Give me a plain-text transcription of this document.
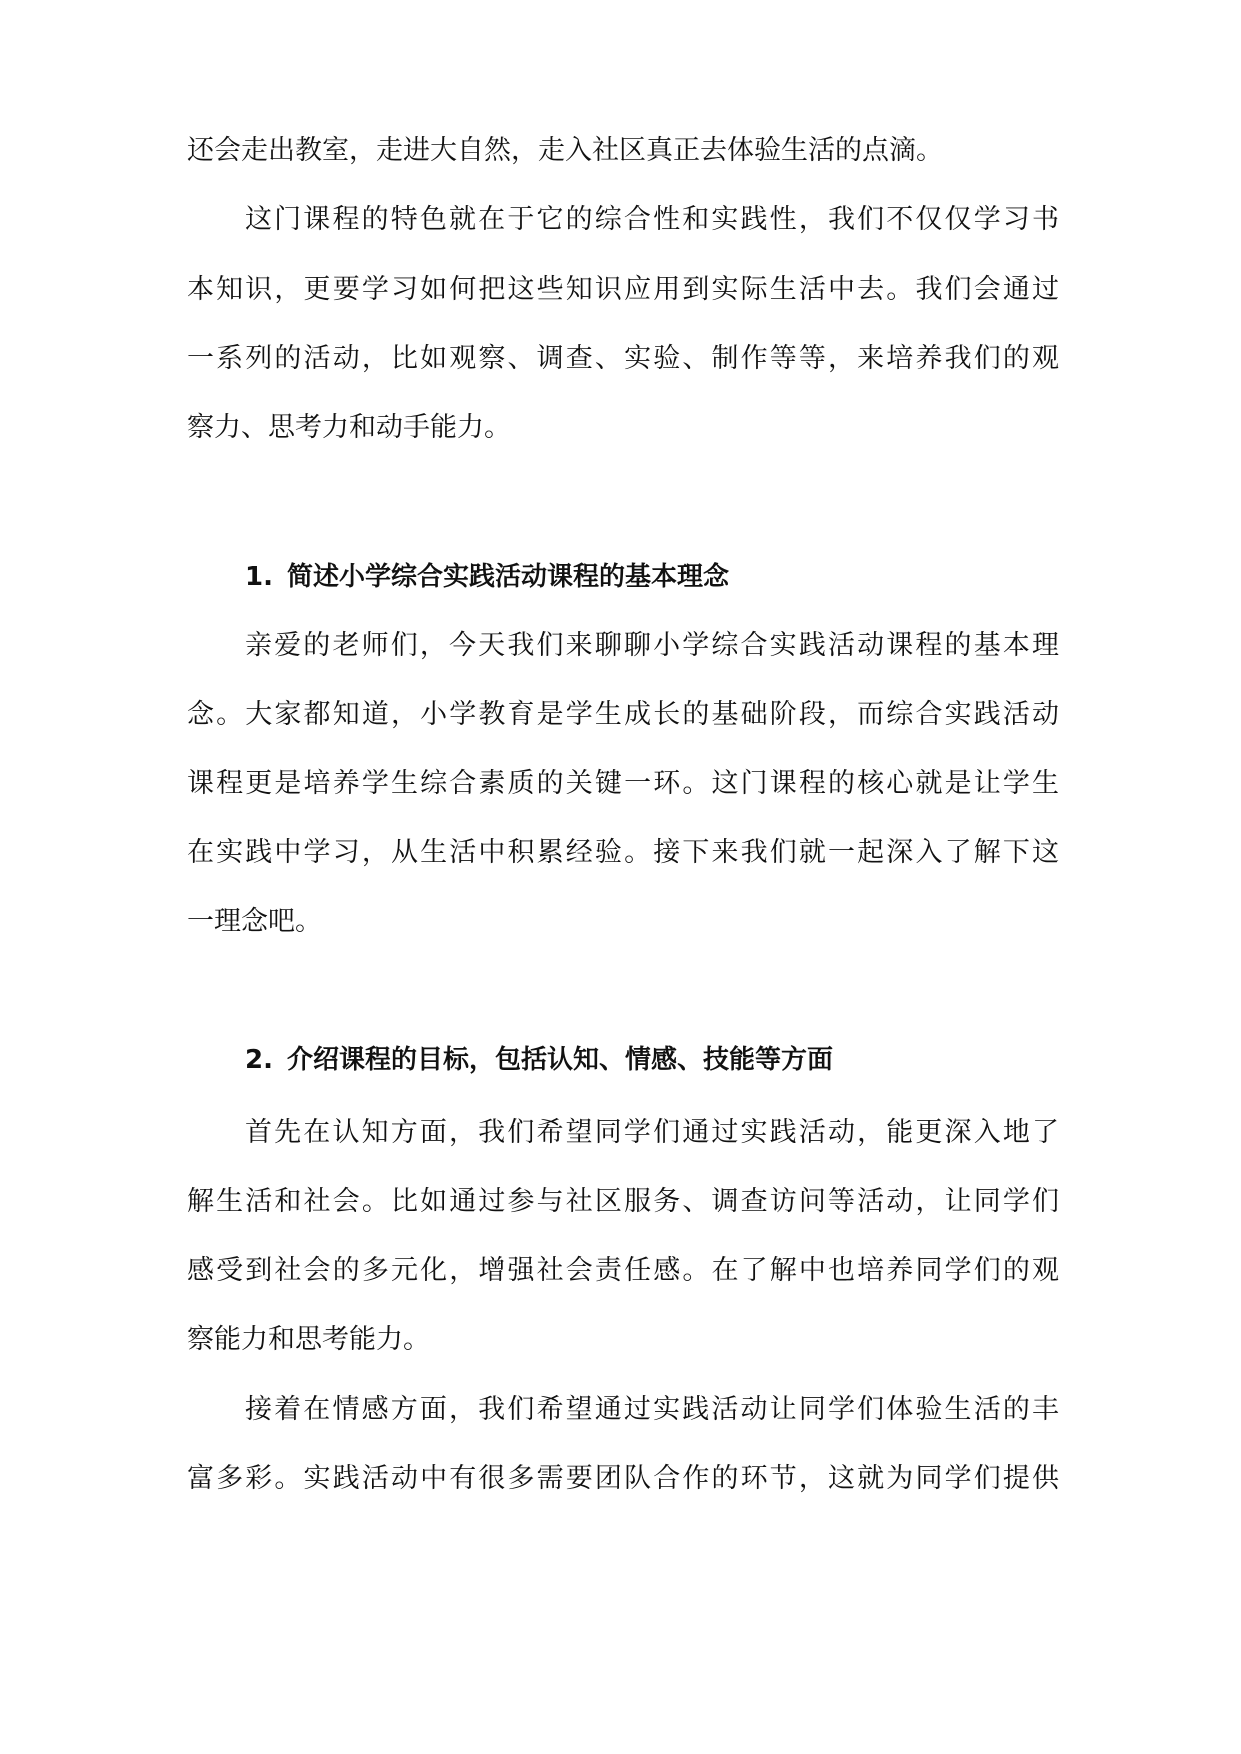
还会走出教室，走进大自然，走入社区真正去体验生活的点滴。
这门课程的特色就在于它的综合性和实践性，我们不仅仅学习书
本知识，更要学习如何把这些知识应用到实际生活中去。我们会通过
一系列的活动，比如观察、调查、实验、制作等等，来培养我们的观
察力、思考力和动手能力。
1. 简述小学综合实践活动课程的基本理念
亲爱的老师们，今天我们来聊聊小学综合实践活动课程的基本理
念。大家都知道，小学教育是学生成长的基础阶段，而综合实践活动
课程更是培养学生综合素质的关键一环。这门课程的核心就是让学生
在实践中学习，从生活中积累经验。接下来我们就一起深入了解下这
一理念吧。
2. 介绍课程的目标，包括认知、情感、技能等方面
首先在认知方面，我们希望同学们通过实践活动，能更深入地了
解生活和社会。比如通过参与社区服务、调查访问等活动，让同学们
感受到社会的多元化，增强社会责任感。在了解中也培养同学们的观
察能力和思考能力。
接着在情感方面，我们希望通过实践活动让同学们体验生活的丰
富多彩。实践活动中有很多需要团队合作的环节，这就为同学们提供
